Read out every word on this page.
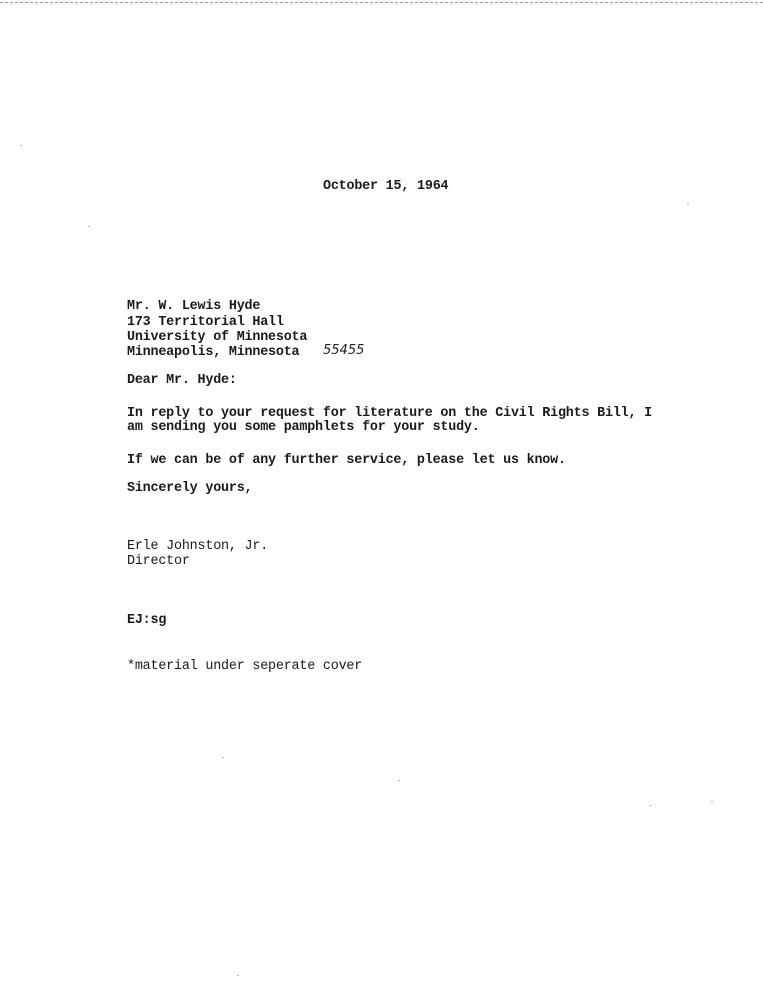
October 15, 1964
Mr. W. Lewis Hyde
173 Territorial Hall
University of Minnesota
Minneapolis, Minnesota 55455
Dear Mr. Hyde:
In reply to your request for literature on the Civil Rights Bill, I
am sending you some pamphlets for your study.
If we can be of any further service, please let us know.
Sincerely yours,
Erle Johnston, Jr.
Director
EJ:sg
*material under seperate cover
